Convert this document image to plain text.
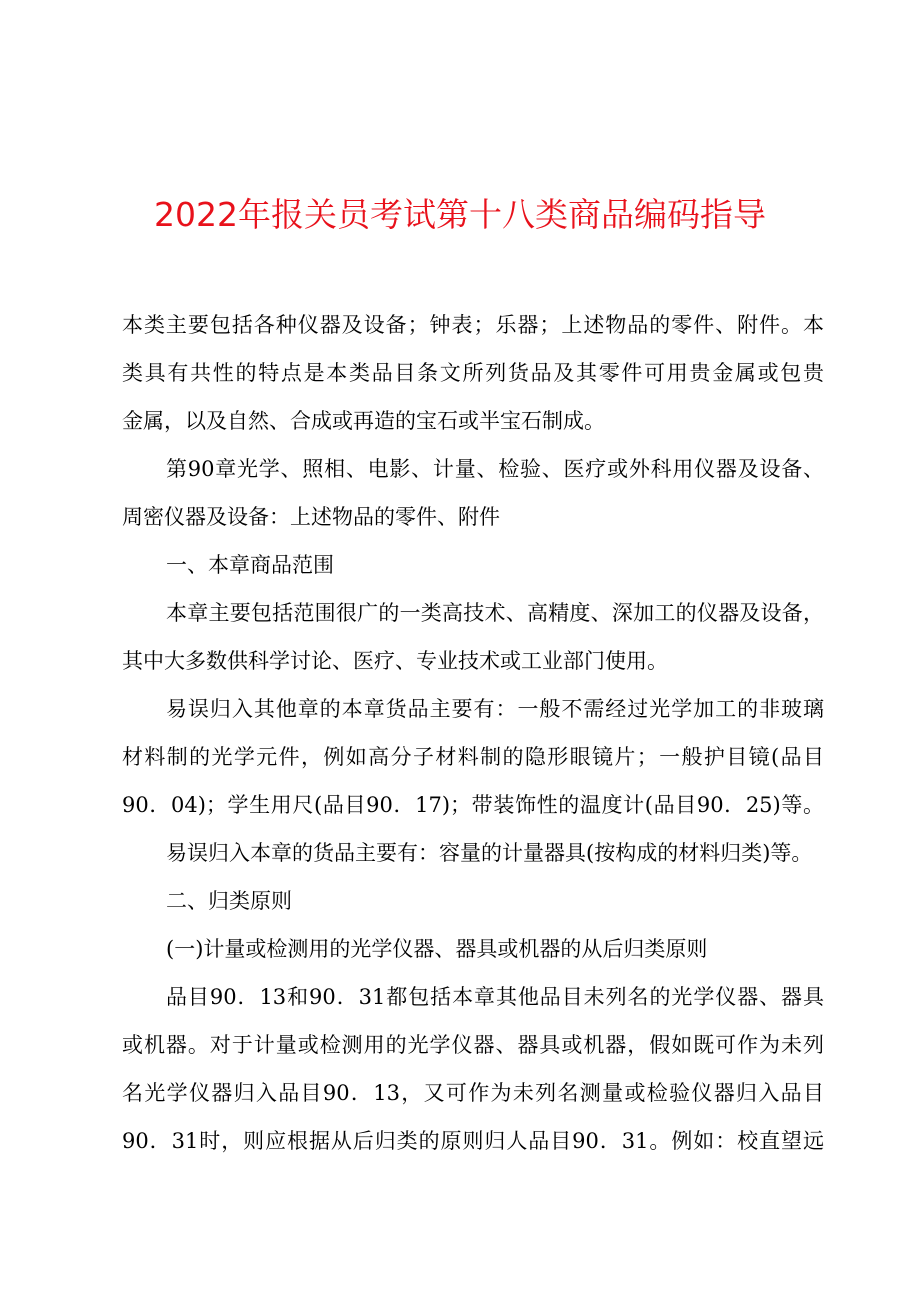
2022年报关员考试第十八类商品编码指导
本类主要包括各种仪器及设备；钟表；乐器；上述物品的零件、附件。本
类具有共性的特点是本类品目条文所列货品及其零件可用贵金属或包贵
金属，以及自然、合成或再造的宝石或半宝石制成。
第90章光学、照相、电影、计量、检验、医疗或外科用仪器及设备、
周密仪器及设备：上述物品的零件、附件
一、本章商品范围
本章主要包括范围很广的一类高技术、高精度、深加工的仪器及设备，
其中大多数供科学讨论、医疗、专业技术或工业部门使用。
易误归入其他章的本章货品主要有：一般不需经过光学加工的非玻璃
材料制的光学元件，例如高分子材料制的隐形眼镜片；一般护目镜(品目
90．04)；学生用尺(品目90．17)；带装饰性的温度计(品目90．25)等。
易误归入本章的货品主要有：容量的计量器具(按构成的材料归类)等。
二、归类原则
(一)计量或检测用的光学仪器、器具或机器的从后归类原则
品目90．13和90．31都包括本章其他品目未列名的光学仪器、器具
或机器。对于计量或检测用的光学仪器、器具或机器，假如既可作为未列
名光学仪器归入品目90．13，又可作为未列名测量或检验仪器归入品目
90．31时，则应根据从后归类的原则归人品目90．31。例如：校直望远
